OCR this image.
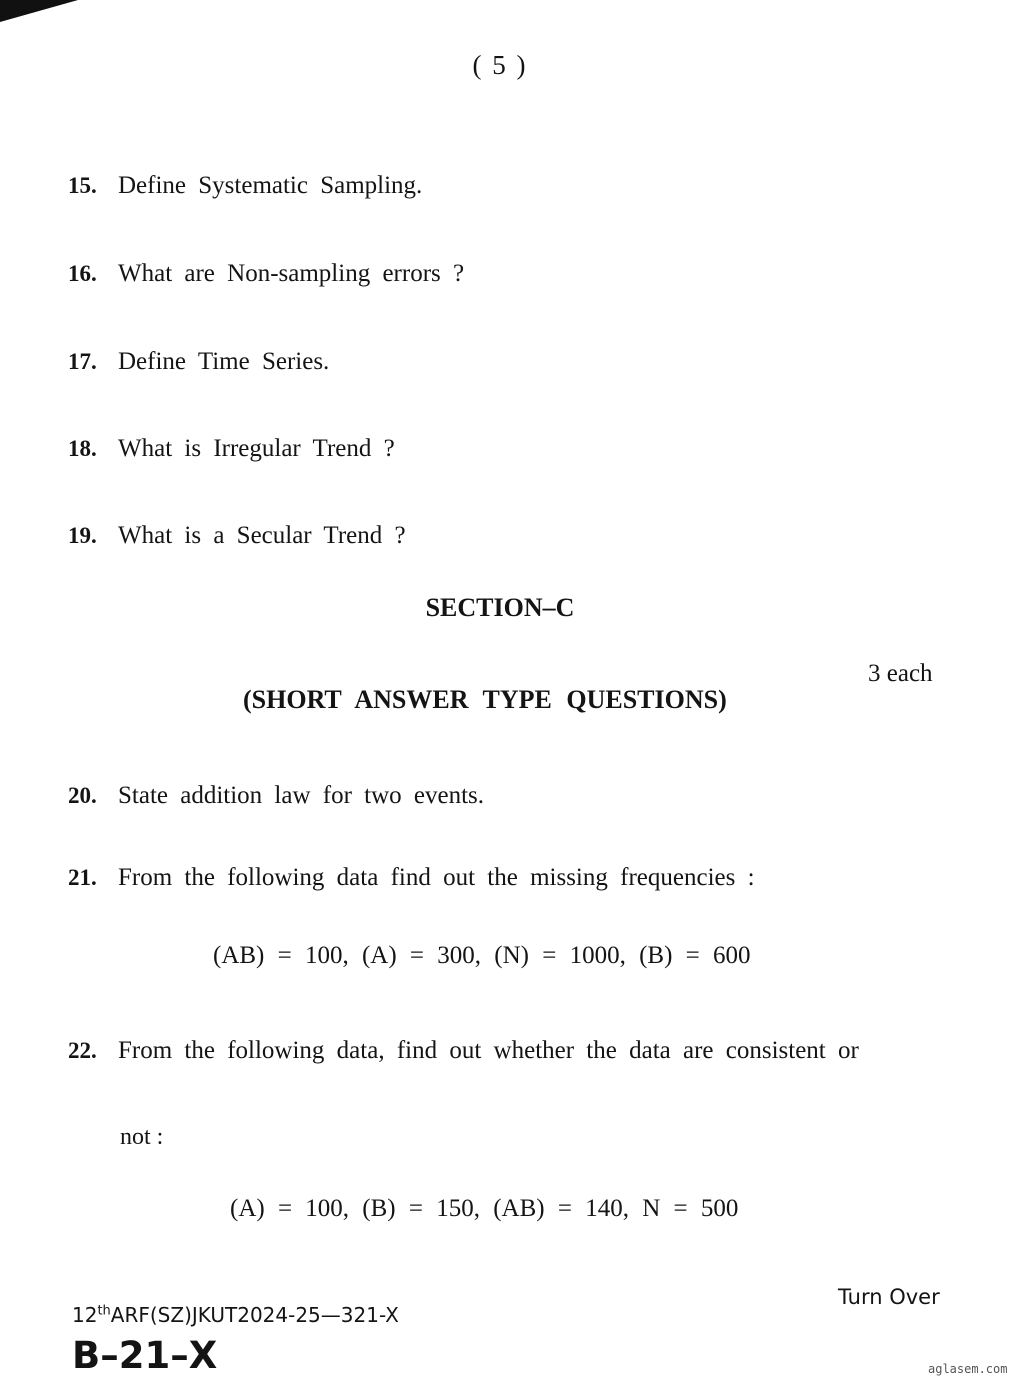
( 5 )
15. Define Systematic Sampling.
16. What are Non-sampling errors ?
17. Define Time Series.
18. What is Irregular Trend ?
19. What is a Secular Trend ?
SECTION–C
3 each
(SHORT ANSWER TYPE QUESTIONS)
20. State addition law for two events.
21. From the following data find out the missing frequencies :
(AB) = 100, (A) = 300, (N) = 1000, (B) = 600
22. From the following data, find out whether the data are consistent or
not :
(A) = 100, (B) = 150, (AB) = 140, N = 500
Turn Over
12thARF(SZ)JKUT2024-25—321-X
B–21–X	aglasem.com
